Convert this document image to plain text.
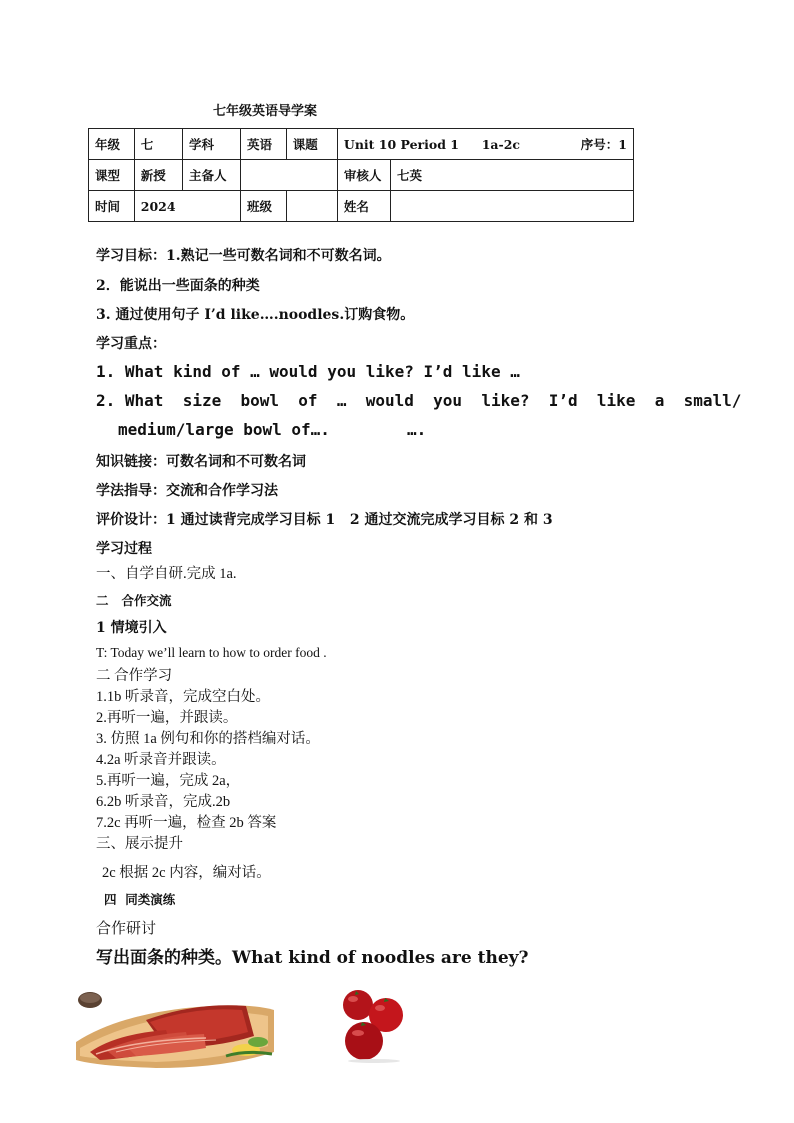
七年级英语导学案
年级	七	学科	英语	课题	Unit 10 Period 1 1a-2c 序号：1	
课型	新授	主备人			审核人	七英
时间	2024		班级		姓名	
学习目标：1.熟记一些可数名词和不可数名词。
2．能说出一些面条的种类
3. 通过使用句子 I’d like….noodles.订购食物。
学习重点：
1. What kind of … would you like? I’d like …
2. What  size  bowl  of  …  would  you  like?  I’d  like  a  small/
medium/large bowl of….        ….
知识链接：可数名词和不可数名词
学法指导：交流和合作学习法
评价设计：1 通过读背完成学习目标 1   2 通过交流完成学习目标 2 和 3
学习过程
一、自学自研.完成 1a.
二   合作交流
1 情境引入
T: Today we’ll learn to how to order food .
二 合作学习
1.1b 听录音，完成空白处。
2.再听一遍，并跟读。
3. 仿照 1a 例句和你的搭档编对话。
4.2a 听录音并跟读。
5.再听一遍，完成 2a，
6.2b 听录音，完成.2b
7.2c 再听一遍，检查 2b 答案
三、展示提升
2c 根据 2c 内容，编对话。
四  同类演练
合作研讨
写出面条的种类。What kind of noodles are they?
